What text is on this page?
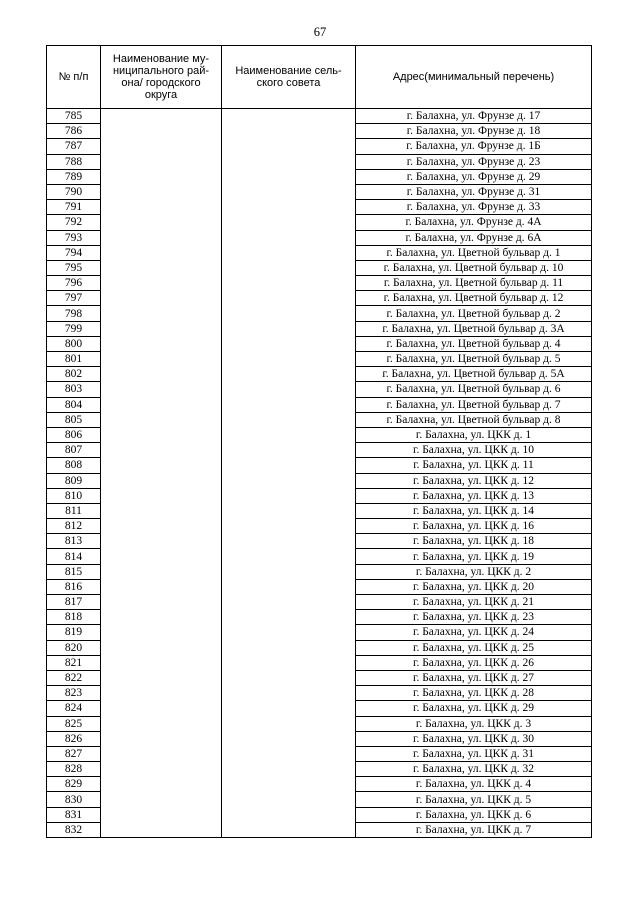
67
№ п/п	Наименование му-ниципального рай-она/ городского округа	Наименование сель-ского совета	Адрес(минимальный перечень)
785			г. Балахна, ул. Фрунзе д. 17
786			г. Балахна, ул. Фрунзе д. 18
787			г. Балахна, ул. Фрунзе д. 1Б
788			г. Балахна, ул. Фрунзе д. 23
789			г. Балахна, ул. Фрунзе д. 29
790			г. Балахна, ул. Фрунзе д. 31
791			г. Балахна, ул. Фрунзе д. 33
792			г. Балахна, ул. Фрунзе д. 4А
793			г. Балахна, ул. Фрунзе д. 6А
794			г. Балахна, ул. Цветной бульвар д. 1
795			г. Балахна, ул. Цветной бульвар д. 10
796			г. Балахна, ул. Цветной бульвар д. 11
797			г. Балахна, ул. Цветной бульвар д. 12
798			г. Балахна, ул. Цветной бульвар д. 2
799			г. Балахна, ул. Цветной бульвар д. 3А
800			г. Балахна, ул. Цветной бульвар д. 4
801			г. Балахна, ул. Цветной бульвар д. 5
802			г. Балахна, ул. Цветной бульвар д. 5А
803			г. Балахна, ул. Цветной бульвар д. 6
804			г. Балахна, ул. Цветной бульвар д. 7
805			г. Балахна, ул. Цветной бульвар д. 8
806			г. Балахна, ул. ЦКК д. 1
807			г. Балахна, ул. ЦКК д. 10
808			г. Балахна, ул. ЦКК д. 11
809			г. Балахна, ул. ЦКК д. 12
810			г. Балахна, ул. ЦКК д. 13
811			г. Балахна, ул. ЦКК д. 14
812			г. Балахна, ул. ЦКК д. 16
813			г. Балахна, ул. ЦКК д. 18
814			г. Балахна, ул. ЦКК д. 19
815			г. Балахна, ул. ЦКК д. 2
816			г. Балахна, ул. ЦКК д. 20
817			г. Балахна, ул. ЦКК д. 21
818			г. Балахна, ул. ЦКК д. 23
819			г. Балахна, ул. ЦКК д. 24
820			г. Балахна, ул. ЦКК д. 25
821			г. Балахна, ул. ЦКК д. 26
822			г. Балахна, ул. ЦКК д. 27
823			г. Балахна, ул. ЦКК д. 28
824			г. Балахна, ул. ЦКК д. 29
825			г. Балахна, ул. ЦКК д. 3
826			г. Балахна, ул. ЦКК д. 30
827			г. Балахна, ул. ЦКК д. 31
828			г. Балахна, ул. ЦКК д. 32
829			г. Балахна, ул. ЦКК д. 4
830			г. Балахна, ул. ЦКК д. 5
831			г. Балахна, ул. ЦКК д. 6
832			г. Балахна, ул. ЦКК д. 7
